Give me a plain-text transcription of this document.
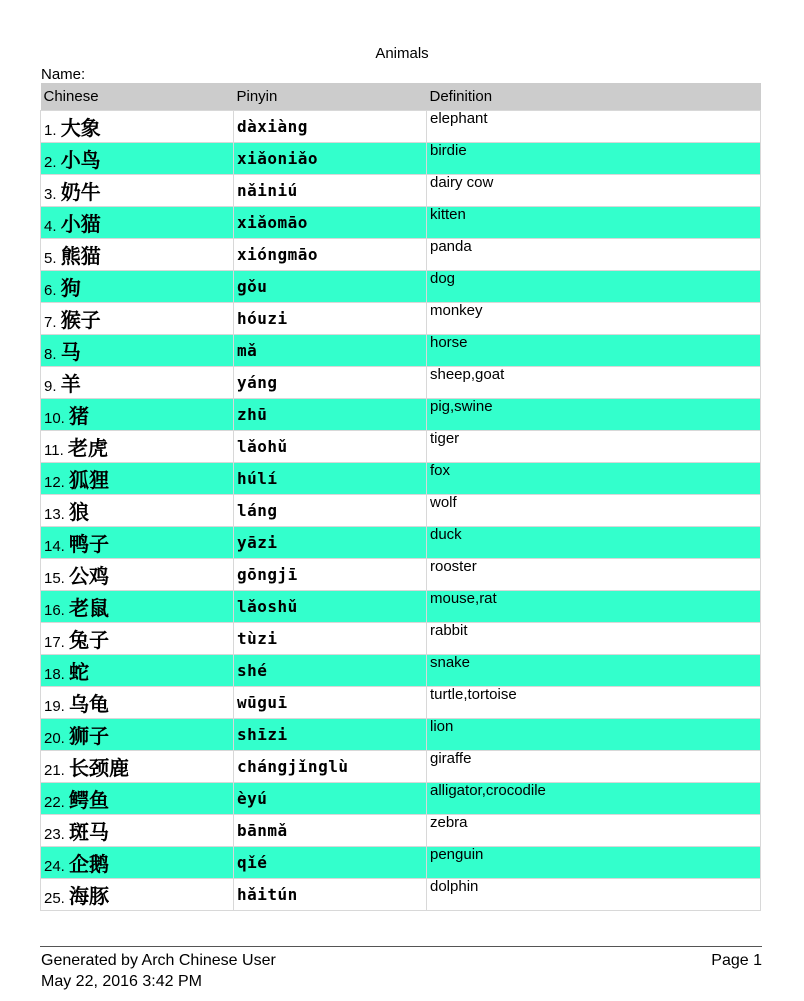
Animals
Name:
Chinese	Pinyin	Definition
1. 大象	dàxiàng	elephant
2. 小鸟	xiǎoniǎo	birdie
3. 奶牛	nǎiniú	dairy cow
4. 小猫	xiǎomāo	kitten
5. 熊猫	xióngmāo	panda
6. 狗	gǒu	dog
7. 猴子	hóuzi	monkey
8. 马	mǎ	horse
9. 羊	yáng	sheep,goat
10. 猪	zhū	pig,swine
11. 老虎	lǎohǔ	tiger
12. 狐狸	húlí	fox
13. 狼	láng	wolf
14. 鸭子	yāzi	duck
15. 公鸡	gōngjī	rooster
16. 老鼠	lǎoshǔ	mouse,rat
17. 兔子	tùzi	rabbit
18. 蛇	shé	snake
19. 乌龟	wūguī	turtle,tortoise
20. 狮子	shīzi	lion
21. 长颈鹿	chángjǐnglù	giraffe
22. 鳄鱼	èyú	alligator,crocodile
23. 斑马	bānmǎ	zebra
24. 企鹅	qǐé	penguin
25. 海豚	hǎitún	dolphin
Generated by Arch Chinese User
May 22, 2016 3:42 PM
Page 1
